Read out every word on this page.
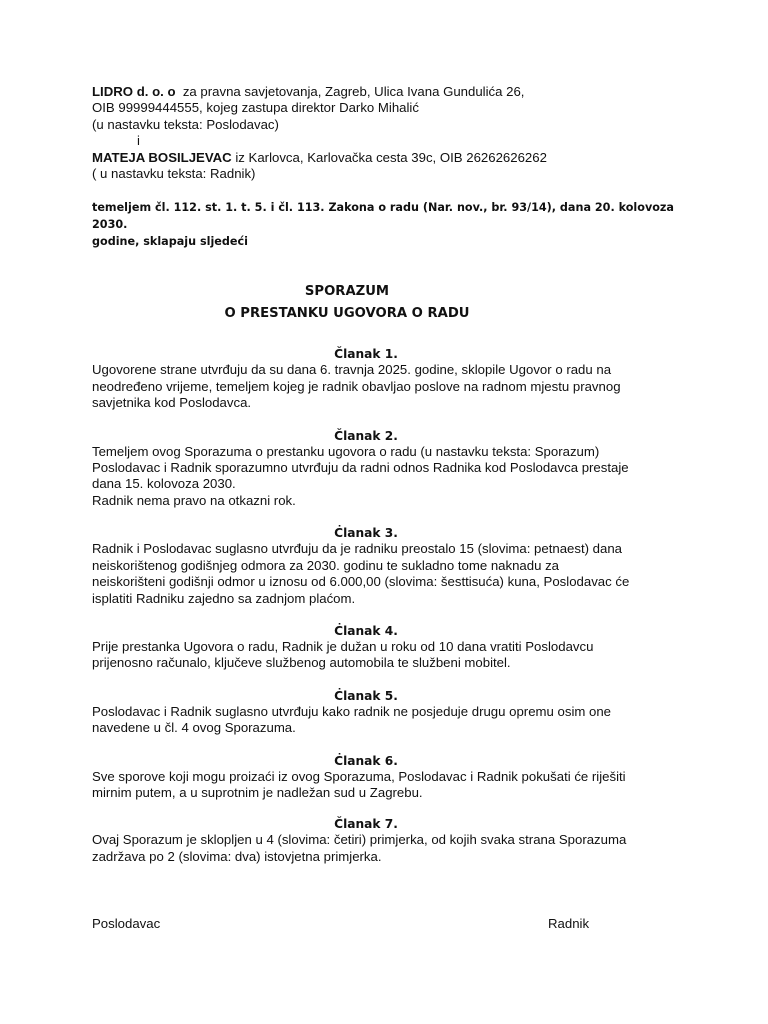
LIDRO d. o. o  za pravna savjetovanja, Zagreb, Ulica Ivana Gundulića 26,
OIB 99999444555, kojeg zastupa direktor Darko Mihalić
(u nastavku teksta: Poslodavac)
i
MATEJA BOSILJEVAC iz Karlovca, Karlovačka cesta 39c, OIB 26262626262
( u nastavku teksta: Radnik)
temeljem čl. 112. st. 1. t. 5. i čl. 113. Zakona o radu (Nar. nov., br. 93/14), dana 20. kolovoza 2030.
godine, sklapaju sljedeći
SPORAZUM
O PRESTANKU UGOVORA O RADU
Članak 1.
Ugovorene strane utvrđuju da su dana 6. travnja 2025. godine, sklopile Ugovor o radu na
neodređeno vrijeme, temeljem kojeg je radnik obavljao poslove na radnom mjestu pravnog
savjetnika kod Poslodavca.
Članak 2.
Temeljem ovog Sporazuma o prestanku ugovora o radu (u nastavku teksta: Sporazum)
Poslodavac i Radnik sporazumno utvrđuju da radni odnos Radnika kod Poslodavca prestaje
dana 15. kolovoza 2030.
Radnik nema pravo na otkazni rok.
Ċlanak 3.
Radnik i Poslodavac suglasno utvrđuju da je radniku preostalo 15 (slovima: petnaest) dana
neiskorištenog godišnjeg odmora za 2030. godinu te sukladno tome naknadu za
neiskorišteni godišnji odmor u iznosu od 6.000,00 (slovima: šesttisuća) kuna, Poslodavac će
isplatiti Radniku zajedno sa zadnjom plaćom.
Ċlanak 4.
Prije prestanka Ugovora o radu, Radnik je dužan u roku od 10 dana vratiti Poslodavcu
prijenosno računalo, ključeve službenog automobila te službeni mobitel.
Ċlanak 5.
Poslodavac i Radnik suglasno utvrđuju kako radnik ne posjeduje drugu opremu osim one
navedene u čl. 4 ovog Sporazuma.
Ċlanak 6.
Sve sporove koji mogu proizaći iz ovog Sporazuma, Poslodavac i Radnik pokušati će riješiti
mirnim putem, a u suprotnim je nadležan sud u Zagrebu.
Članak 7.
Ovaj Sporazum je sklopljen u 4 (slovima: četiri) primjerka, od kojih svaka strana Sporazuma
zadržava po 2 (slovima: dva) istovjetna primjerka.
Poslodavac	Radnik
